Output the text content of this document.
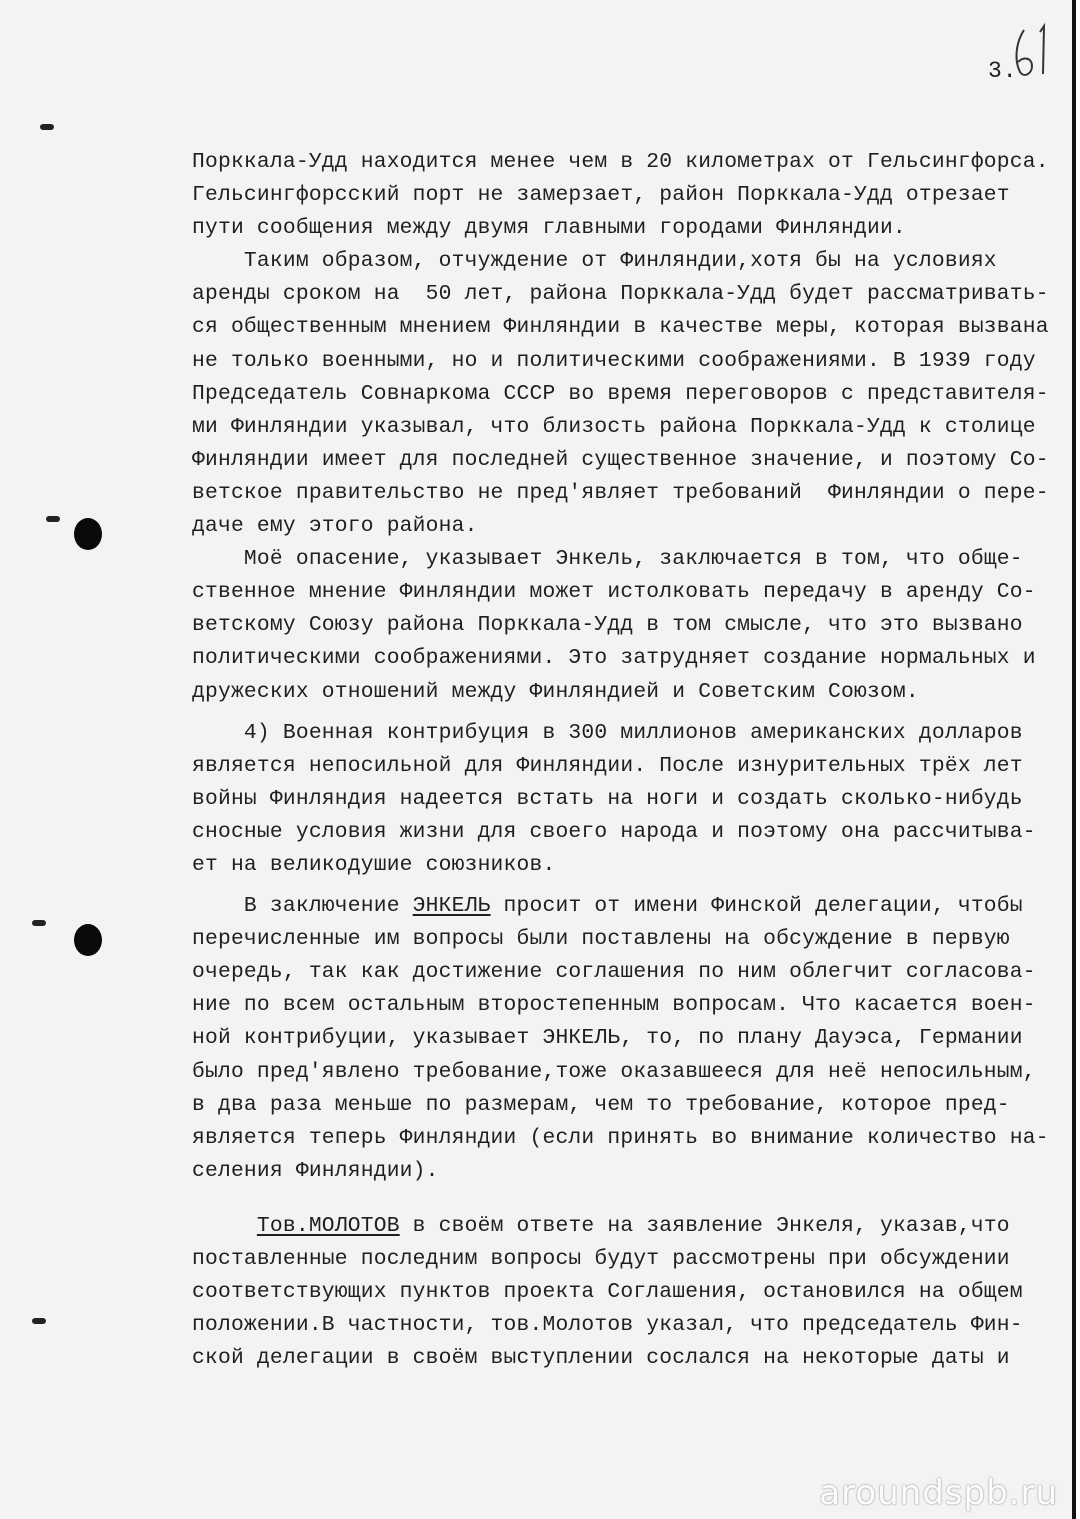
3.
Порккала-Удд находится менее чем в 20 километрах от Гельсингфорса.
Гельсингфорсский порт не замерзает, район Порккала-Удд отрезает
пути сообщения между двумя главными городами Финляндии.
Таким образом, отчуждение от Финляндии,хотя бы на условиях
аренды сроком на  50 лет, района Порккала-Удд будет рассматривать-
ся общественным мнением Финляндии в качестве меры, которая вызвана
не только военными, но и политическими соображениями. В 1939 году
Председатель Совнаркома СССР во время переговоров с представителя-
ми Финляндии указывал, что близость района Порккала-Удд к столице
Финляндии имеет для последней существенное значение, и поэтому Со-
ветское правительство не пред'являет требований  Финляндии о пере-
даче ему этого района.
Моё опасение, указывает Энкель, заключается в том, что обще-
ственное мнение Финляндии может истолковать передачу в аренду Со-
ветскому Союзу района Порккала-Удд в том смысле, что это вызвано
политическими соображениями. Это затрудняет создание нормальных и
дружеских отношений между Финляндией и Советским Союзом.
4) Военная контрибуция в 300 миллионов американских долларов
является непосильной для Финляндии. После изнурительных трёх лет
войны Финляндия надеется встать на ноги и создать сколько-нибудь
сносные условия жизни для своего народа и поэтому она рассчитыва-
ет на великодушие союзников.
В заключение ЭНКЕЛЬ просит от имени Финской делегации, чтобы
перечисленные им вопросы были поставлены на обсуждение в первую
очередь, так как достижение соглашения по ним облегчит согласова-
ние по всем остальным второстепенным вопросам. Что касается воен-
ной контрибуции, указывает ЭНКЕЛЬ, то, по плану Дауэса, Германии
было пред'явлено требование,тоже оказавшееся для неё непосильным,
в два раза меньше по размерам, чем то требование, которое пред-
является теперь Финляндии (если принять во внимание количество на-
селения Финляндии).
Тов.МОЛОТОВ в своём ответе на заявление Энкеля, указав,что
поставленные последним вопросы будут рассмотрены при обсуждении
соответствующих пунктов проекта Соглашения, остановился на общем
положении.В частности, тов.Молотов указал, что председатель Фин-
ской делегации в своём выступлении сослался на некоторые даты и
aroundspb.ru
